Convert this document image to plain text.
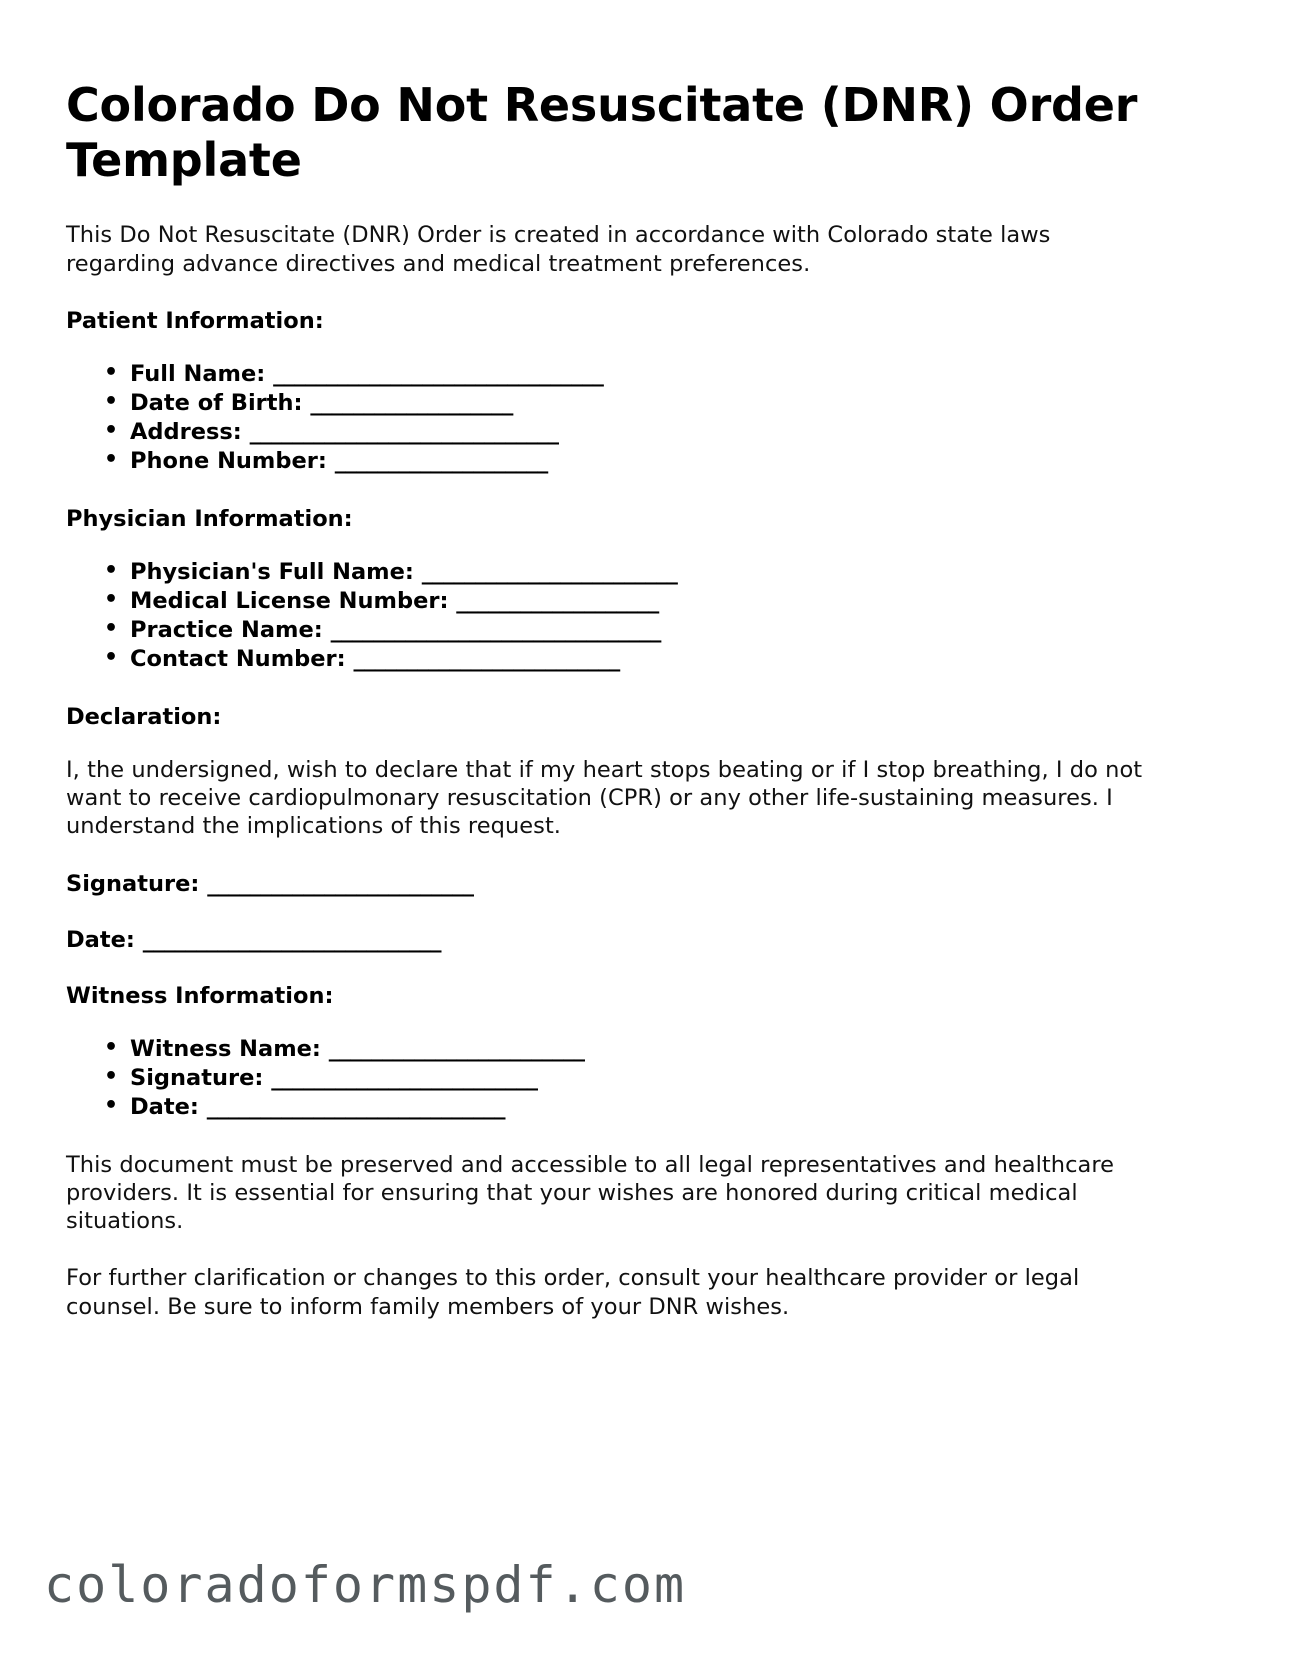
Colorado Do Not Resuscitate (DNR) Order Template

This Do Not Resuscitate (DNR) Order is created in accordance with Colorado state laws regarding advance directives and medical treatment preferences.

Patient Information:
• Full Name: _______________________________
• Date of Birth: ___________________
• Address: _____________________________
• Phone Number: ____________________
Physician Information:
• Physician's Full Name: ________________________
• Medical License Number: ___________________
• Practice Name: _______________________________
• Contact Number: _________________________
Declaration:

I, the undersigned, wish to declare that if my heart stops beating or if I stop breathing, I do not want to receive cardiopulmonary resuscitation (CPR) or any other life-sustaining measures. I understand the implications of this request.

Signature: _________________________

Date: ____________________________

Witness Information:
• Witness Name: ________________________
• Signature: _________________________
• Date: ____________________________

This document must be preserved and accessible to all legal representatives and healthcare providers. It is essential for ensuring that your wishes are honored during critical medical situations.

For further clarification or changes to this order, consult your healthcare provider or legal counsel. Be sure to inform family members of your DNR wishes.

coloradoformspdf.com
